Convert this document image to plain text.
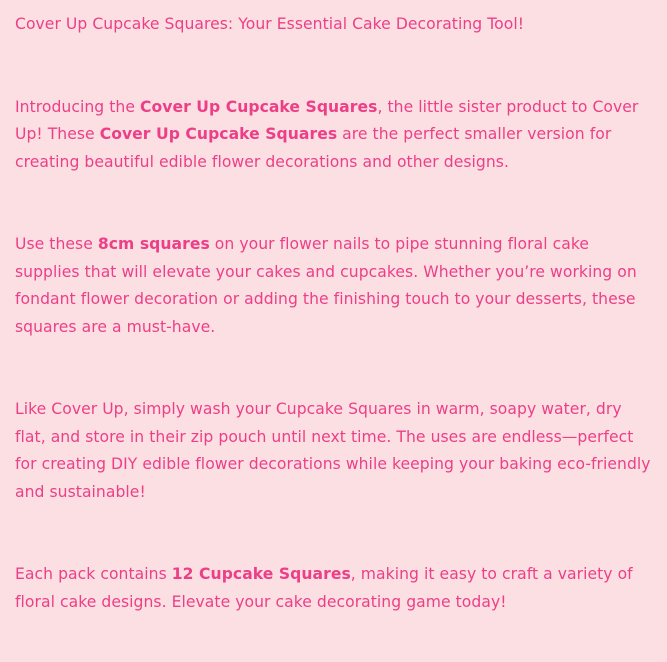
Cover Up Cupcake Squares: Your Essential Cake Decorating Tool!

Introducing the Cover Up Cupcake Squares, the little sister product to Cover Up! These Cover Up Cupcake Squares are the perfect smaller version for creating beautiful edible flower decorations and other designs.

Use these 8cm squares on your flower nails to pipe stunning floral cake supplies that will elevate your cakes and cupcakes. Whether you’re working on fondant flower decoration or adding the finishing touch to your desserts, these squares are a must-have.

Like Cover Up, simply wash your Cupcake Squares in warm, soapy water, dry flat, and store in their zip pouch until next time. The uses are endless—perfect for creating DIY edible flower decorations while keeping your baking eco-friendly and sustainable!

Each pack contains 12 Cupcake Squares, making it easy to craft a variety of floral cake designs. Elevate your cake decorating game today!
